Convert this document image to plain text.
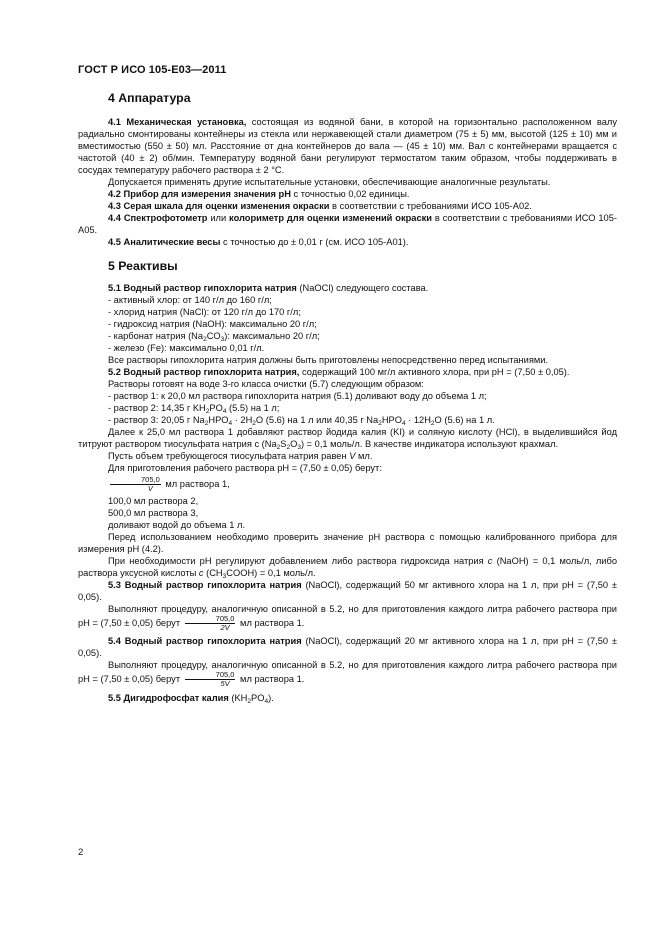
ГОСТ Р ИСО 105-Е03—2011
4 Аппаратура

4.1 Механическая установка, состоящая из водяной бани, в которой на горизонтально расположенном валу радиально смонтированы контейнеры из стекла или нержавеющей стали диаметром (75 ± 5) мм, высотой (125 ± 10) мм и вместимостью (550 ± 50) мл. Расстояние от дна контейнеров до вала — (45 ± 10) мм. Вал с контейнерами вращается с частотой (40 ± 2) об/мин. Температуру водяной бани регулируют термостатом таким образом, чтобы поддерживать в сосудах температуру рабочего раствора ± 2 °С.

Допускается применять другие испытательные установки, обеспечивающие аналогичные результаты.

4.2 Прибор для измерения значения рН с точностью 0,02 единицы.

4.3 Серая шкала для оценки изменения окраски в соответствии с требованиями ИСО 105-А02.

4.4 Спектрофотометр или колориметр для оценки изменений окраски в соответствии с требованиями ИСО 105-А05.

4.5 Аналитические весы с точностью до ± 0,01 г (см. ИСО 105-А01).

5 Реактивы

5.1 Водный раствор гипохлорита натрия (NaOCl) следующего состава.

- активный хлор: от 140 г/л до 160 г/л;

- хлорид натрия (NaCl): от 120 г/л до 170 г/л;

- гидроксид натрия (NaOH): максимально 20 г/л;

- карбонат натрия $(Na_2CO_3)$: максимально 20 г/л;

- железо (Fe): максимально 0,01 г/л.

Все растворы гипохлорита натрия должны быть приготовлены непосредственно перед испытаниями.

5.2 Водный раствор гипохлорита натрия, содержащий 100 мг/л активного хлора, при рН = (7,50 ± 0,05).

Растворы готовят на воде 3-го класса очистки (5.7) следующим образом:

- раствор 1: к 20,0 мл раствора гипохлорита натрия (5.1) доливают воду до объема 1 л;

- раствор 2: 14,35 г $KH_2PO_4$ (5.5) на 1 л;

- раствор 3: 20,05 г $Na_2HPO_4 \cdot 2H_2O$ (5.6) на 1 л или 40,35 г $Na_2HPO_4 \cdot 12H_2O$ (5.6) на 1 л.

Далее к 25,0 мл раствора 1 добавляют раствор йодида калия (KI) и соляную кислоту (HCl), в выделившийся йод титруют раствором тиосульфата натрия с $(Na_2S_2O_3) = 0,1$ моль/л. В качестве индикатора используют крахмал.

Пусть объем требующегося тиосульфата натрия равен V мл.

Для приготовления рабочего раствора рН = (7,50 ± 0,05) берут:

$\frac{705,0}{V}$ мл раствора 1,

100,0 мл раствора 2,

500,0 мл раствора 3,

доливают водой до объема 1 л.

Перед использованием необходимо проверить значение рН раствора с помощью калиброванного прибора для измерения рН (4.2).

При необходимости рН регулируют добавлением либо раствора гидроксида натрия с (NaOH) = 0,1 моль/л, либо раствора уксусной кислоты с $(CH_3COOH) = 0,1$ моль/л.

5.3 Водный раствор гипохлорита натрия (NaOCl), содержащий 50 мг активного хлора на 1 л, при рН = (7,50 ± 0,05).

Выполняют процедуру, аналогичную описанной в 5.2, но для приготовления каждого литра рабочего раствора при рН = (7,50 ± 0,05) берут $\frac{705,0}{2V}$ мл раствора 1.

5.4 Водный раствор гипохлорита натрия (NaOCl), содержащий 20 мг активного хлора на 1 л, при рН = (7,50 ± 0,05).

Выполняют процедуру, аналогичную описанной в 5.2, но для приготовления каждого литра рабочего раствора при рН = (7,50 ± 0,05) берут $\frac{705,0}{5V}$ мл раствора 1.

5.5 Дигидрофосфат калия $(KH_2PO_4)$.

2
